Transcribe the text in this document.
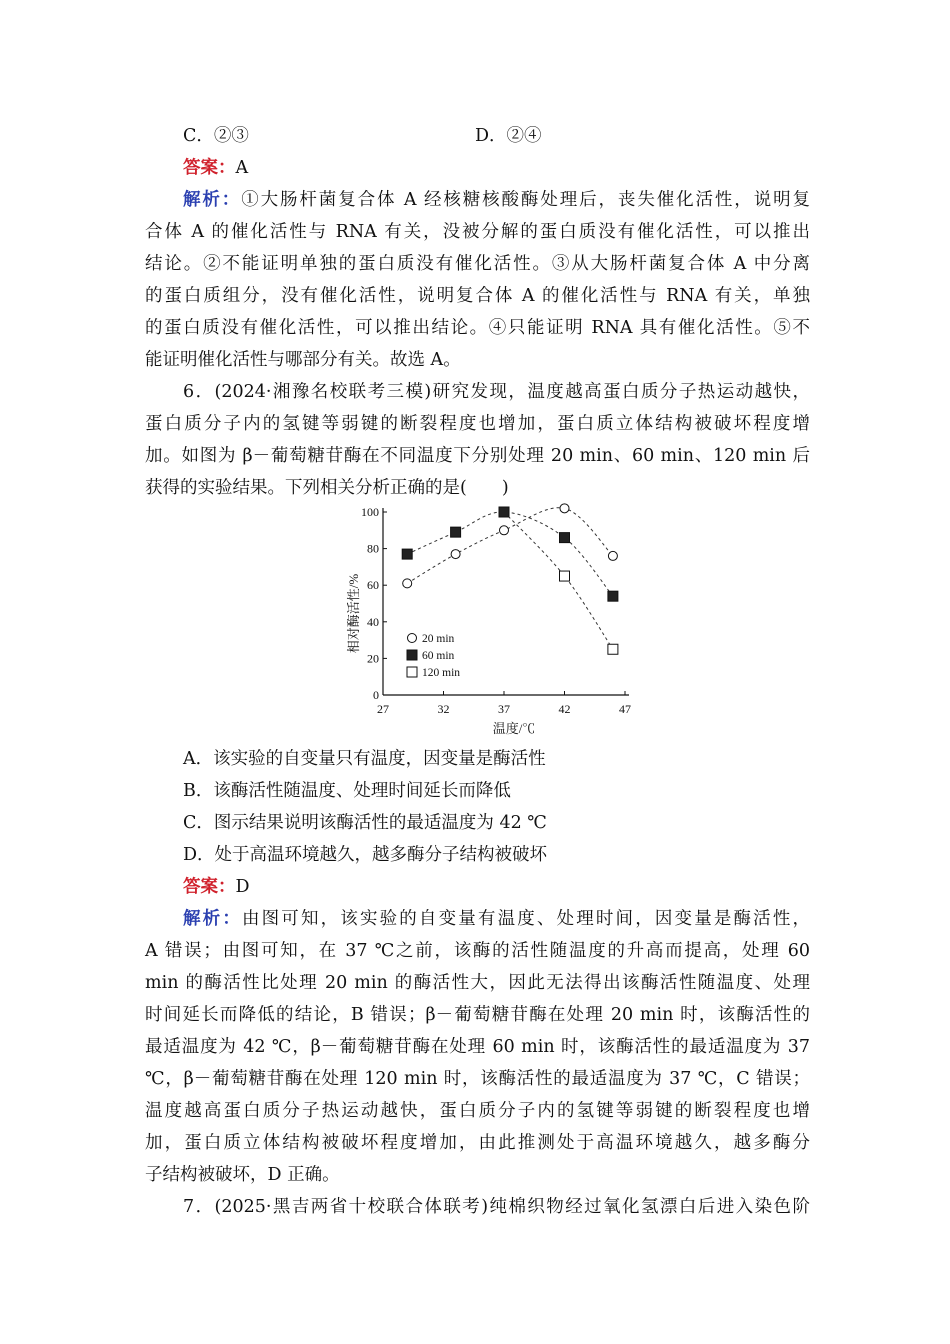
C．②③	D．②④
答案：A
解析：①大肠杆菌复合体 A 经核糖核酸酶处理后，丧失催化活性，说明复
合体 A 的催化活性与 RNA 有关，没被分解的蛋白质没有催化活性，可以推出
结论。②不能证明单独的蛋白质没有催化活性。③从大肠杆菌复合体 A 中分离
的蛋白质组分，没有催化活性，说明复合体 A 的催化活性与 RNA 有关，单独
的蛋白质没有催化活性，可以推出结论。④只能证明 RNA 具有催化活性。⑤不
能证明催化活性与哪部分有关。故选 A。
6．(2024·湘豫名校联考三模)研究发现，温度越高蛋白质分子热运动越快，
蛋白质分子内的氢键等弱键的断裂程度也增加，蛋白质立体结构被破坏程度增
加。如图为 β－葡萄糖苷酶在不同温度下分别处理 20 min、60 min、120 min 后
获得的实验结果。下列相关分析正确的是(　　)
0
20
40
60
80
100
27	32	37	42	47
温度/℃
相对酶活性/%	20 min
60 min
120 min
A．该实验的自变量只有温度，因变量是酶活性
B．该酶活性随温度、处理时间延长而降低
C．图示结果说明该酶活性的最适温度为 42 ℃
D．处于高温环境越久，越多酶分子结构被破坏
答案：D
解析：由图可知，该实验的自变量有温度、处理时间，因变量是酶活性，
A 错误；由图可知，在 37 ℃之前，该酶的活性随温度的升高而提高，处理 60
min 的酶活性比处理 20 min 的酶活性大，因此无法得出该酶活性随温度、处理
时间延长而降低的结论，B 错误；β－葡萄糖苷酶在处理 20 min 时，该酶活性的
最适温度为 42 ℃，β－葡萄糖苷酶在处理 60 min 时，该酶活性的最适温度为 37
℃，β－葡萄糖苷酶在处理 120 min 时，该酶活性的最适温度为 37 ℃，C 错误；
温度越高蛋白质分子热运动越快，蛋白质分子内的氢键等弱键的断裂程度也增
加，蛋白质立体结构被破坏程度增加，由此推测处于高温环境越久，越多酶分
子结构被破坏，D 正确。
7．(2025·黑吉两省十校联合体联考)纯棉织物经过氧化氢漂白后进入染色阶
